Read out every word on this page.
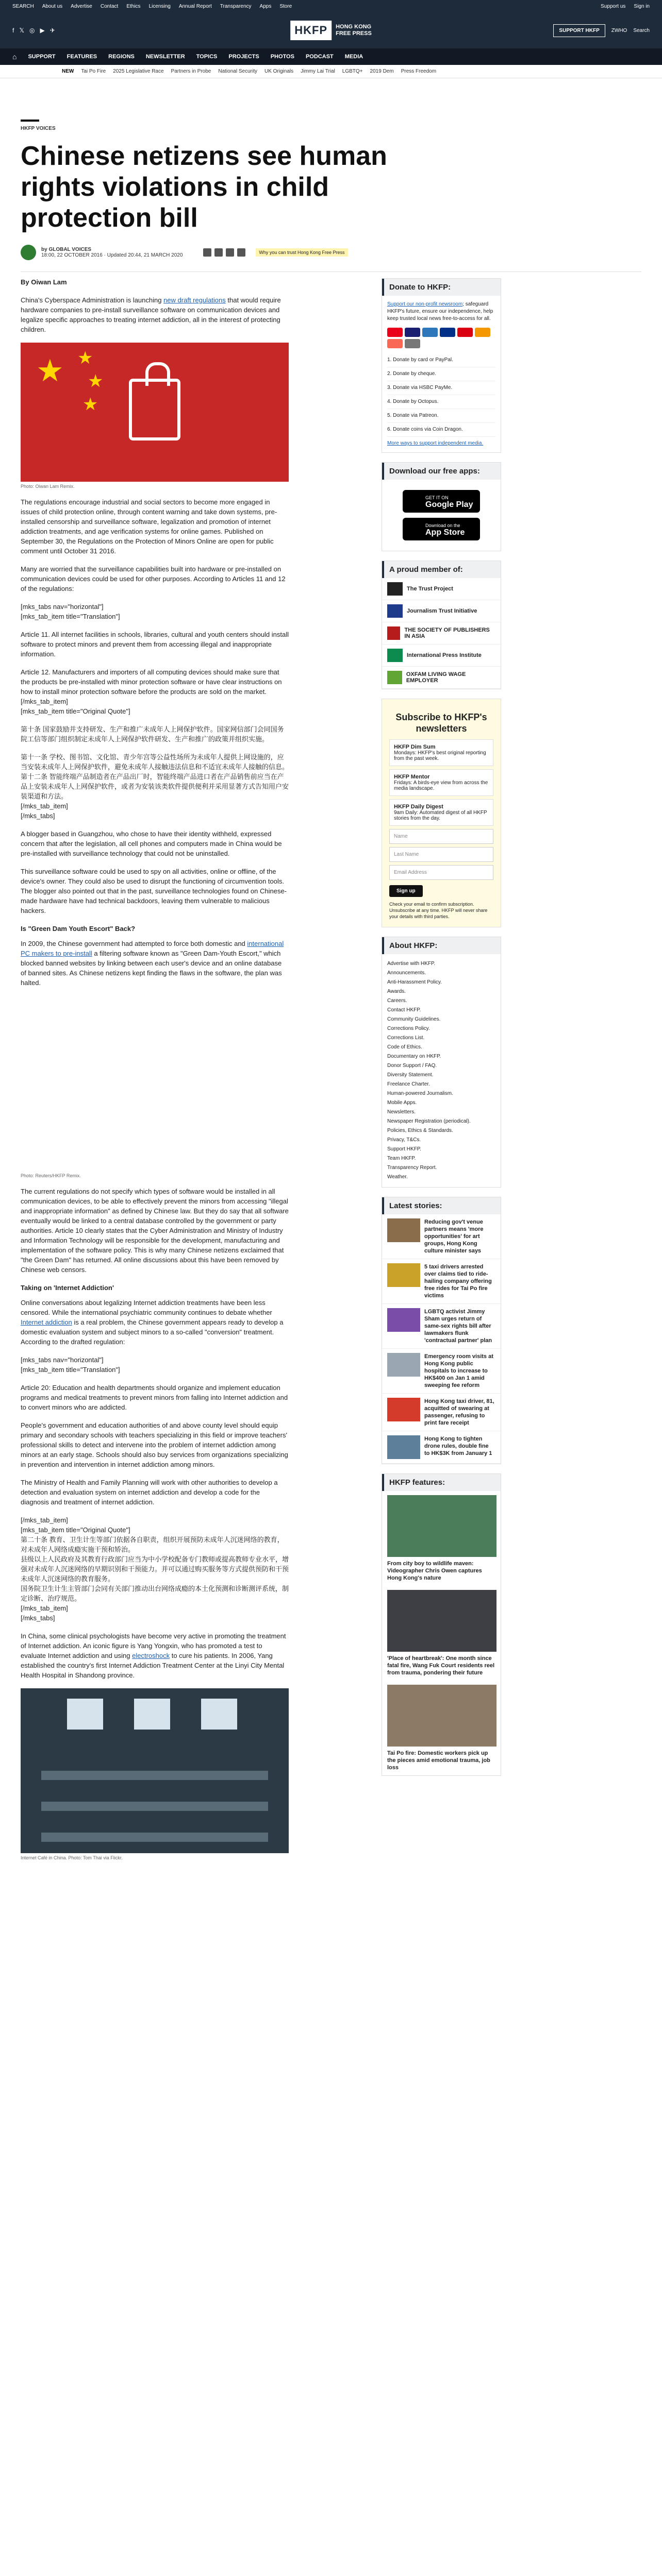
SEARCH About us Advertise Contact Ethics Licensing Annual Report Transparency Apps Store	Support us Sign in
f 𝕏 ◎ ▶ ✈	HKFP	HONG KONG
FREE PRESS	SUPPORT HKFP	ZWHO Search
⌂ SUPPORT FEATURES REGIONS NEWSLETTER TOPICS PROJECTS PHOTOS PODCAST MEDIA
NEW Tai Po Fire 2025 Legislative Race Partners in Probe National Security UK Originals Jimmy Lai Trial LGBTQ+ 2019 Dem Press Freedom
HKFP VOICES
Chinese netizens see human rights violations in child protection bill
by GLOBAL VOICES
18:00, 22 OCTOBER 2016 · Updated 20:44, 21 MARCH 2020	Why you can trust Hong Kong Free Press
By Oiwan Lam

China's Cyberspace Administration is launching new draft regulations that would require hardware companies to pre-install surveillance software on communication devices and legalize specific approaches to treating internet addiction, all in the interest of protecting children.

★ ★
★
★
Photo: Oiwan Lam Remix.

The regulations encourage industrial and social sectors to become more engaged in issues of child protection online, through content warning and take down systems, pre-installed censorship and surveillance software, legalization and promotion of internet addiction treatments, and age verification systems for online games. Published on September 30, the Regulations on the Protection of Minors Online are open for public comment until October 31 2016.

Many are worried that the surveillance capabilities built into hardware or pre-installed on communication devices could be used for other purposes. According to Articles 11 and 12 of the regulations:

[mks_tabs nav="horizontal"]
[mks_tab_item title="Translation"]

Article 11. All internet facilities in schools, libraries, cultural and youth centers should install software to protect minors and prevent them from accessing illegal and inappropriate information.

Article 12. Manufacturers and importers of all computing devices should make sure that the products be pre-installed with minor protection software or have clear instructions on how to install minor protection software before the products are sold on the market.
[/mks_tab_item]
[mks_tab_item title="Original Quote"]

第十条 国家鼓励并支持研发、生产和推广未成年人上网保护软件。国家网信部门会同国务院工信等部门组织制定未成年人上网保护软件研发、生产和推广的政策并组织实施。

第十一条 学校、图书馆、文化馆、青少年宫等公益性场所为未成年人提供上网设施的，应当安装未成年人上网保护软件，避免未成年人接触违法信息和不适宜未成年人接触的信息。
第十二条 智能终端产品制造者在产品出厂时，智能终端产品进口者在产品销售前应当在产品上安装未成年人上网保护软件，或者为安装该类软件提供便利并采用显著方式告知用户安装渠道和方法。
[/mks_tab_item]
[/mks_tabs]

A blogger based in Guangzhou, who chose to have their identity withheld, expressed concern that after the legislation, all cell phones and computers made in China would be pre-installed with surveillance technology that could not be uninstalled.

This surveillance software could be used to spy on all activities, online or offline, of the device's owner. They could also be used to disrupt the functioning of circumvention tools. The blogger also pointed out that in the past, surveillance technologies found on Chinese-made hardware have had technical backdoors, leaving them vulnerable to malicious hackers.

Is "Green Dam Youth Escort" Back?

In 2009, the Chinese government had attempted to force both domestic and international PC makers to pre-install a filtering software known as "Green Dam-Youth Escort," which blocked banned websites by linking between each user's device and an online database of banned sites. As Chinese netizens kept finding the flaws in the software, the plan was halted.

Photo: Reuters/HKFP Remix.

The current regulations do not specify which types of software would be installed in all communication devices, to be able to effectively prevent the minors from accessing "illegal and inappropriate information" as defined by Chinese law. But they do say that all software eventually would be linked to a central database controlled by the government or party authorities. Article 10 clearly states that the Cyber Administration and Ministry of Industry and Information Technology will be responsible for the development, manufacturing and implementation of the software policy. This is why many Chinese netizens exclaimed that "the Green Dam" has returned. All online discussions about this have been removed by Chinese web censors.

Taking on 'Internet Addiction'

Online conversations about legalizing Internet addiction treatments have been less censored. While the international psychiatric community continues to debate whether Internet addiction is a real problem, the Chinese government appears ready to develop a domestic evaluation system and subject minors to a so-called "conversion" treatment. According to the drafted regulation:

[mks_tabs nav="horizontal"]
[mks_tab_item title="Translation"]

Article 20: Education and health departments should organize and implement education programs and medical treatments to prevent minors from falling into Internet addiction and to convert minors who are addicted.

People's government and education authorities of and above county level should equip primary and secondary schools with teachers specializing in this field or improve teachers' professional skills to detect and intervene into the problem of internet addiction among minors at an early stage. Schools should also buy services from organizations specializing in prevention and intervention in internet addiction among minors.

The Ministry of Health and Family Planning will work with other authorities to develop a detection and evaluation system on internet addiction and develop a code for the diagnosis and treatment of internet addiction.

[/mks_tab_item]
[mks_tab_item title="Original Quote"]
第二十条 教育、卫生计生等部门依据各自职责，组织开展预防未成年人沉迷网络的教育，对未成年人网络成瘾实施干预和矫治。
县级以上人民政府及其教育行政部门应当为中小学校配备专门教师或提高教师专业水平，增强对未成年人沉迷网络的早期识别和干预能力。并可以通过购买服务等方式提供预防和干预未成年人沉迷网络的教育服务。
国务院卫生计生主管部门会同有关部门推动出台网络成瘾的本土化预测和诊断测评系统，制定诊断、治疗规范。
[/mks_tab_item]
[/mks_tabs]

In China, some clinical psychologists have become very active in promoting the treatment of Internet addiction. An iconic figure is Yang Yongxin, who has promoted a test to evaluate Internet addiction and using electroshock to cure his patients. In 2006, Yang established the country's first Internet Addiction Treatment Center at the Linyi City Mental Health Hospital in Shandong province.

Internet Café in China. Photo: Tom Thai via Flickr.
Donate to HKFP:
Support our non-profit newsroom; safeguard HKFP's future, ensure our independence, help keep trusted local news free-to-access for all.
1. Donate by card or PayPal.
2. Donate by cheque.
3. Donate via HSBC PayMe.
4. Donate by Octopus.
5. Donate via Patreon.
6. Donate coins via Coin Dragon.
More ways to support independent media.
Download our free apps:
GET IT ON
Google Play
Download on the
App Store
A proud member of:
The Trust Project
Journalism Trust Initiative
THE SOCIETY OF PUBLISHERS IN ASIA
International Press Institute
OXFAM LIVING WAGE EMPLOYER
Subscribe to HKFP's newsletters
HKFP Dim Sum
Mondays: HKFP's best original reporting from the past week.
HKFP Mentor
Fridays: A birds-eye view from across the media landscape.
HKFP Daily Digest
9am Daily: Automated digest of all HKFP stories from the day.
Name
Last Name
Email Address
Sign up
Check your email to confirm subscription. Unsubscribe at any time. HKFP will never share your details with third parties.
About HKFP:
Advertise with HKFP.
Announcements.
Anti-Harassment Policy.
Awards.
Careers.
Contact HKFP.
Community Guidelines.
Corrections Policy.
Corrections List.
Code of Ethics.
Documentary on HKFP.
Donor Support / FAQ.
Diversity Statement.
Freelance Charter.
Human-powered Journalism.
Mobile Apps.
Newsletters.
Newspaper Registration (periodical).
Policies, Ethics & Standards.
Privacy, T&Cs.
Support HKFP.
Team HKFP.
Transparency Report.
Weather.
Latest stories:
Reducing gov't venue partners means 'more opportunities' for art groups, Hong Kong culture minister says
5 taxi drivers arrested over claims tied to ride-hailing company offering free rides for Tai Po fire victims
LGBTQ activist Jimmy Sham urges return of same-sex rights bill after lawmakers flunk 'contractual partner' plan
Emergency room visits at Hong Kong public hospitals to increase to HK$400 on Jan 1 amid sweeping fee reform
Hong Kong taxi driver, 81, acquitted of swearing at passenger, refusing to print fare receipt
Hong Kong to tighten drone rules, double fine to HK$3K from January 1
HKFP features:
From city boy to wildlife maven: Videographer Chris Owen captures Hong Kong's nature
'Place of heartbreak': One month since fatal fire, Wang Fuk Court residents reel from trauma, pondering their future
Tai Po fire: Domestic workers pick up the pieces amid emotional trauma, job loss
